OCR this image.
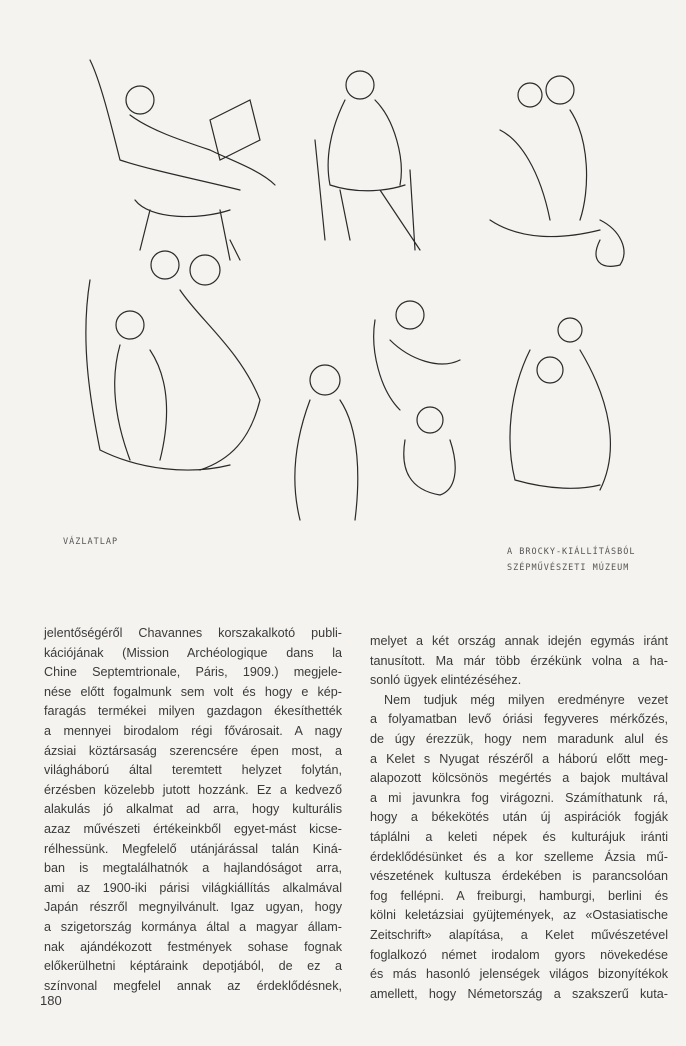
VÁZLATLAP
A BROCKY-KIÁLLÍTÁSBÓL
SZÉPMŰVÉSZETI MÚZEUM
jelentőségéről Chavannes korszakalkotó publi-
kációjának (Mission Archéologique dans la
Chine Septemtrionale, Páris, 1909.) megjele-
nése előtt fogalmunk sem volt és hogy e kép-
faragás termékei milyen gazdagon ékesíthették
a mennyei birodalom régi fővárosait. A nagy
ázsiai köztársaság szerencsére épen most, a
világháború által teremtett helyzet folytán,
érzésben közelebb jutott hozzánk. Ez a kedvező
alakulás jó alkalmat ad arra, hogy kulturális
azaz művészeti értékeinkből egyet-mást kicse-
rélhessünk. Megfelelő utánjárással talán Kiná-
ban is megtalálhatnók a hajlandóságot arra,
ami az 1900-iki párisi világkiállítás alkalmával
Japán részről megnyilvánult. Igaz ugyan, hogy
a szigetország kormánya által a magyar állam-
nak ajándékozott festmények sohase fognak
előkerülhetni képtáraink depotjából, de ez a
színvonal megfelel annak az érdeklődésnek,
melyet a két ország annak idején egymás iránt
tanusított. Ma már több érzékünk volna a ha-
sonló ügyek elintézéséhez.
Nem tudjuk még milyen eredményre vezet
a folyamatban levő óriási fegyveres mérkőzés,
de úgy érezzük, hogy nem maradunk alul és
a Kelet s Nyugat részéről a háború előtt meg-
alapozott kölcsönös megértés a bajok multával
a mi javunkra fog virágozni. Számíthatunk rá,
hogy a békekötés után új aspirációk fogják
táplálni a keleti népek és kulturájuk iránti
érdeklődésünket és a kor szelleme Ázsia mű-
vészetének kultusza érdekében is parancsolóan
fog fellépni. A freiburgi, hamburgi, berlini és
kölni keletázsiai gyüjtemények, az «Ostasiatische
Zeitschrift» alapítása, a Kelet művészetével
foglalkozó német irodalom gyors növekedése
és más hasonló jelenségek világos bizonyítékok
amellett, hogy Németország a szakszerű kuta-
180
